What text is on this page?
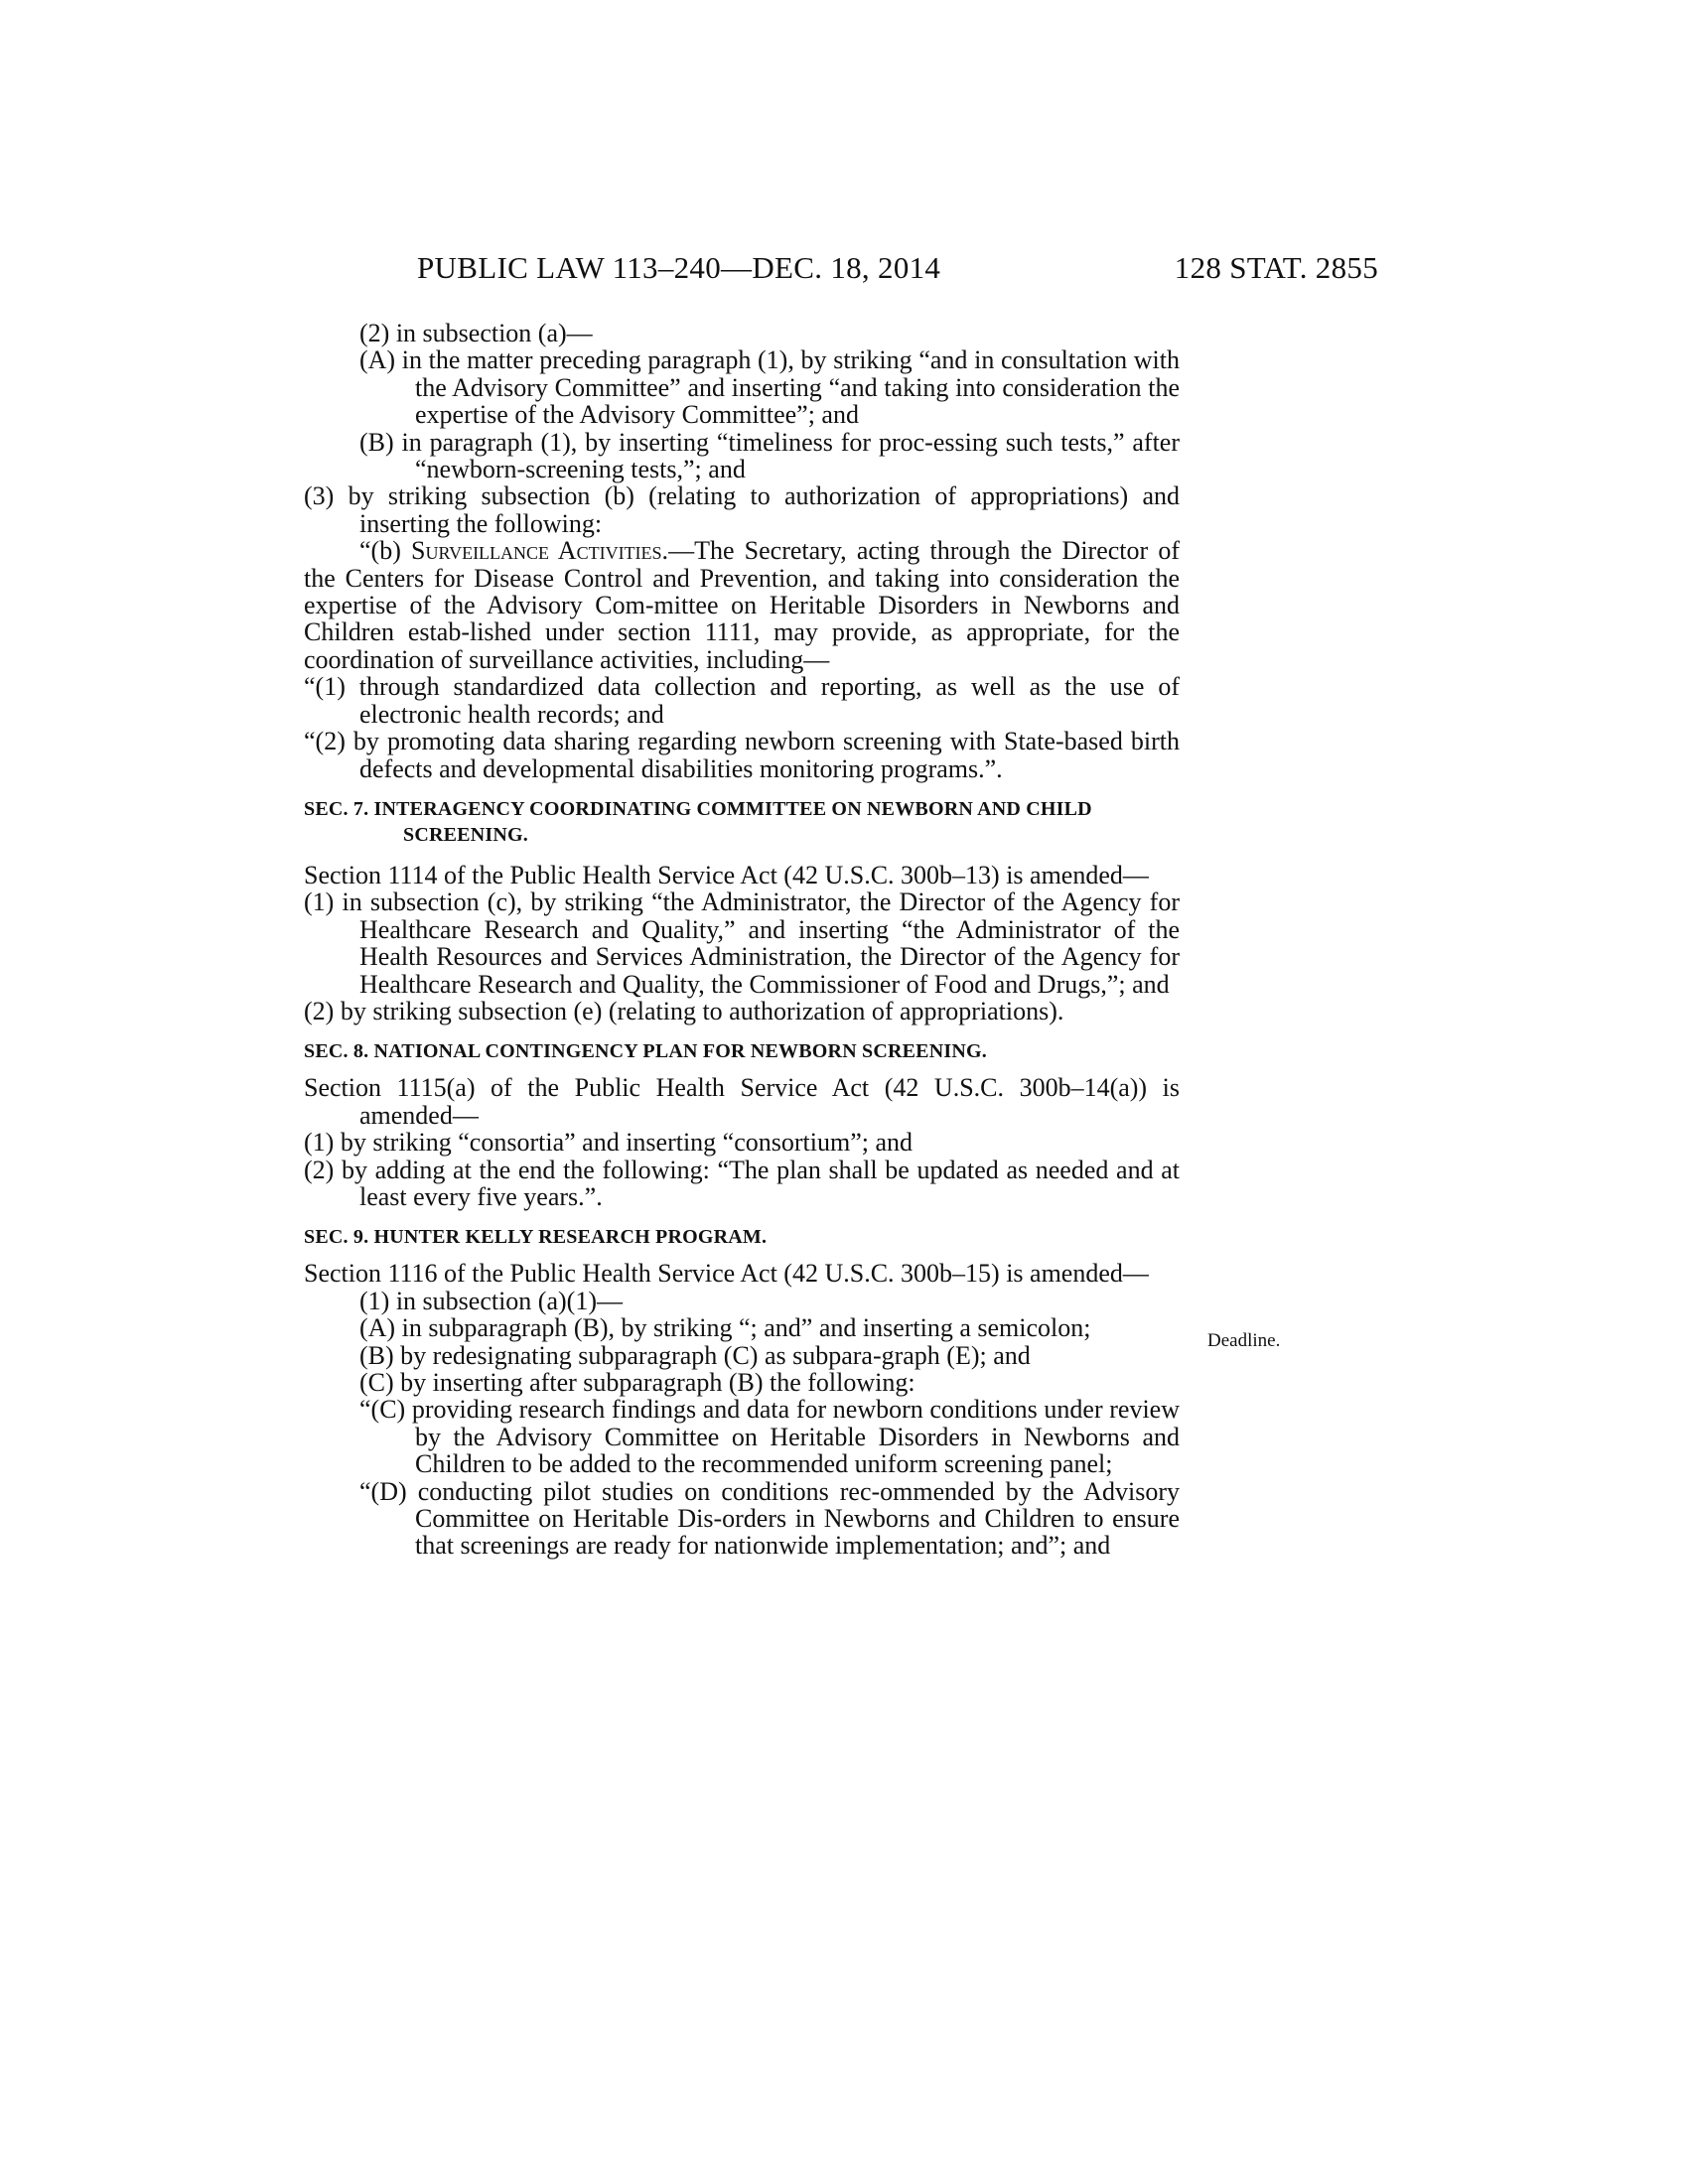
PUBLIC LAW 113–240—DEC. 18, 2014	128 STAT. 2855

(2) in subsection (a)—

(A) in the matter preceding paragraph (1), by striking “and in consultation with the Advisory Committee” and inserting “and taking into consideration the expertise of the Advisory Committee”; and

(B) in paragraph (1), by inserting “timeliness for proc-essing such tests,” after “newborn-screening tests,”; and

(3) by striking subsection (b) (relating to authorization of appropriations) and inserting the following:

“(b) Surveillance Activities.—The Secretary, acting through the Director of the Centers for Disease Control and Prevention, and taking into consideration the expertise of the Advisory Com-mittee on Heritable Disorders in Newborns and Children estab-lished under section 1111, may provide, as appropriate, for the coordination of surveillance activities, including—

“(1) through standardized data collection and reporting, as well as the use of electronic health records; and

“(2) by promoting data sharing regarding newborn screening with State-based birth defects and developmental disabilities monitoring programs.”.

SEC. 7. INTERAGENCY COORDINATING COMMITTEE ON NEWBORN AND CHILD SCREENING.

Section 1114 of the Public Health Service Act (42 U.S.C. 300b–13) is amended—

(1) in subsection (c), by striking “the Administrator, the Director of the Agency for Healthcare Research and Quality,” and inserting “the Administrator of the Health Resources and Services Administration, the Director of the Agency for Healthcare Research and Quality, the Commissioner of Food and Drugs,”; and

(2) by striking subsection (e) (relating to authorization of appropriations).

SEC. 8. NATIONAL CONTINGENCY PLAN FOR NEWBORN SCREENING.

Section 1115(a) of the Public Health Service Act (42 U.S.C. 300b–14(a)) is amended—

(1) by striking “consortia” and inserting “consortium”; and

(2) by adding at the end the following: “The plan shall be updated as needed and at least every five years.”.

SEC. 9. HUNTER KELLY RESEARCH PROGRAM.

Section 1116 of the Public Health Service Act (42 U.S.C. 300b–15) is amended—

(1) in subsection (a)(1)—

(A) in subparagraph (B), by striking “; and” and inserting a semicolon;

(B) by redesignating subparagraph (C) as subpara-graph (E); and

(C) by inserting after subparagraph (B) the following:

“(C) providing research findings and data for newborn conditions under review by the Advisory Committee on Heritable Disorders in Newborns and Children to be added to the recommended uniform screening panel;

“(D) conducting pilot studies on conditions rec-ommended by the Advisory Committee on Heritable Dis-orders in Newborns and Children to ensure that screenings are ready for nationwide implementation; and”; and

Deadline.
